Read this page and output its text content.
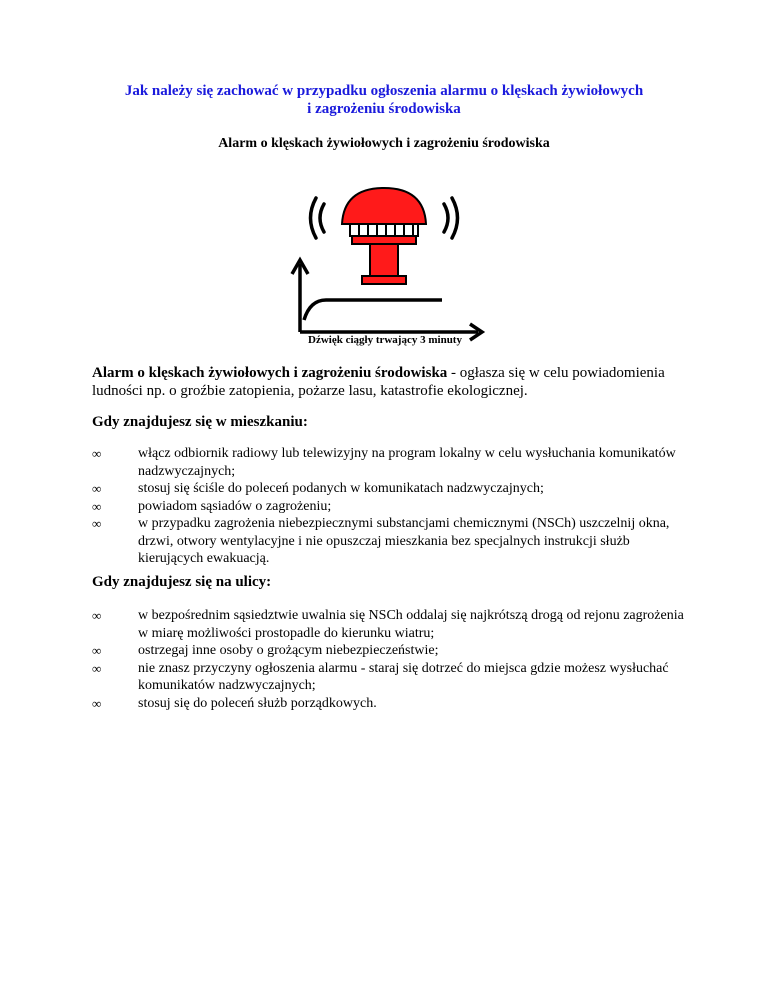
Jak należy się zachować w przypadku ogłoszenia alarmu o klęskach żywiołowych
i zagrożeniu środowiska
Alarm o klęskach żywiołowych i zagrożeniu środowiska
Dźwięk ciągły trwający 3 minuty
Alarm o klęskach żywiołowych i zagrożeniu środowiska - ogłasza się w celu powiadomienia ludności np. o groźbie zatopienia, pożarze lasu, katastrofie ekologicznej.
Gdy znajdujesz się w mieszkaniu:
∞	włącz odbiornik radiowy lub telewizyjny na program lokalny w celu wysłuchania komunikatów nadzwyczajnych;
∞	stosuj się ściśle do poleceń podanych w komunikatach nadzwyczajnych;
∞	powiadom sąsiadów o zagrożeniu;
∞	w przypadku zagrożenia niebezpiecznymi substancjami chemicznymi (NSCh) uszczelnij okna, drzwi, otwory wentylacyjne i nie opuszczaj mieszkania bez specjalnych instrukcji służb kierujących ewakuacją.
Gdy znajdujesz się na ulicy:
∞	w bezpośrednim sąsiedztwie uwalnia się NSCh oddalaj się najkrótszą drogą od rejonu zagrożenia w miarę możliwości prostopadle do kierunku wiatru;
∞	ostrzegaj inne osoby o grożącym niebezpieczeństwie;
∞	nie znasz przyczyny ogłoszenia alarmu - staraj się dotrzeć do miejsca gdzie możesz wysłuchać komunikatów nadzwyczajnych;
∞	stosuj się do poleceń służb porządkowych.
